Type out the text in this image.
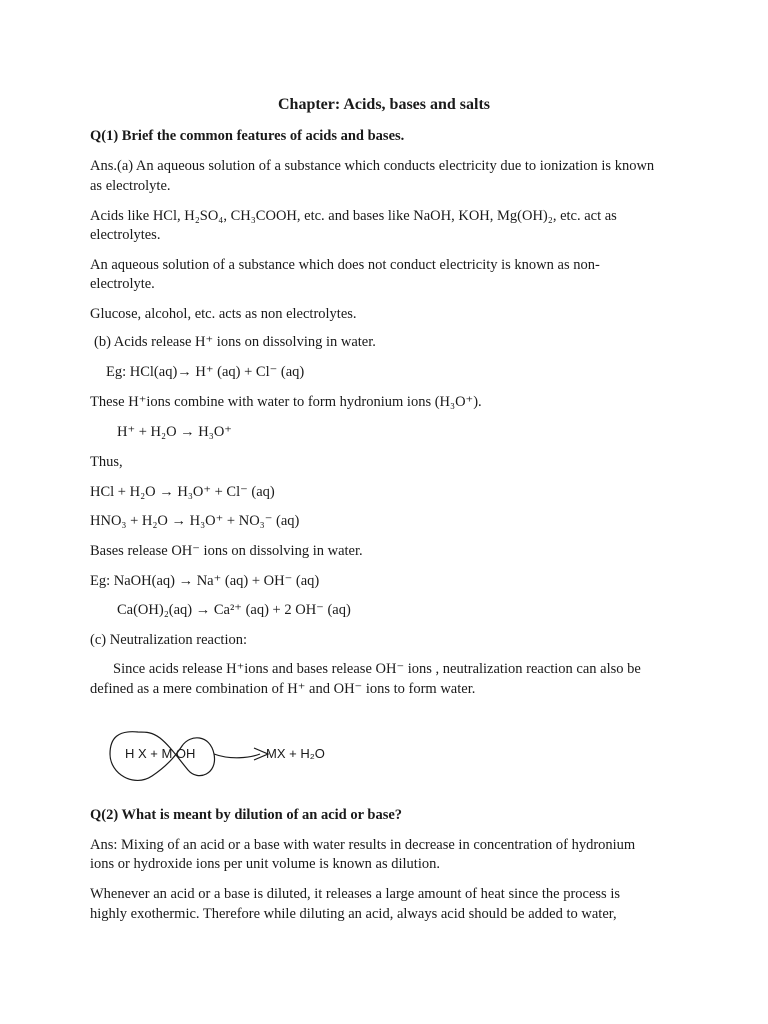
Chapter: Acids, bases and salts
Q(1) Brief the common features of acids and bases.
Ans.(a) An aqueous solution of a substance which conducts electricity due to ionization is known
as electrolyte.
Acids like HCl, H₂SO₄, CH₃COOH, etc. and bases like NaOH, KOH, Mg(OH)₂, etc. act as
electrolytes.
An aqueous solution of a substance which does not conduct electricity is known as non-
electrolyte.
Glucose, alcohol, etc. acts as non electrolytes.
(b) Acids release H⁺ ions on dissolving in water.
Eg: HCl(aq)→ H⁺ (aq) + Cl⁻ (aq)
These H⁺ions combine with water to form hydronium ions (H₃O⁺).
H⁺ + H₂O → H₃O⁺
Thus,
HCl + H₂O → H₃O⁺ + Cl⁻ (aq)
HNO₃ + H₂O → H₃O⁺ + NO₃⁻ (aq)
Bases release OH⁻ ions on dissolving in water.
Eg: NaOH(aq) → Na⁺ (aq) + OH⁻ (aq)
Ca(OH)₂(aq) → Ca²⁺ (aq) + 2 OH⁻ (aq)
(c) Neutralization reaction:
Since acids release H⁺ions and bases release OH⁻ ions , neutralization reaction can also be
defined as a mere combination of H⁺ and OH⁻ ions to form water.
H X + M OH	MX + H₂O
Q(2) What is meant by dilution of an acid or base?
Ans: Mixing of an acid or a base with water results in decrease in concentration of hydronium
ions or hydroxide ions per unit volume is known as dilution.
Whenever an acid or a base is diluted, it releases a large amount of heat since the process is
highly exothermic. Therefore while diluting an acid, always acid should be added to water,
